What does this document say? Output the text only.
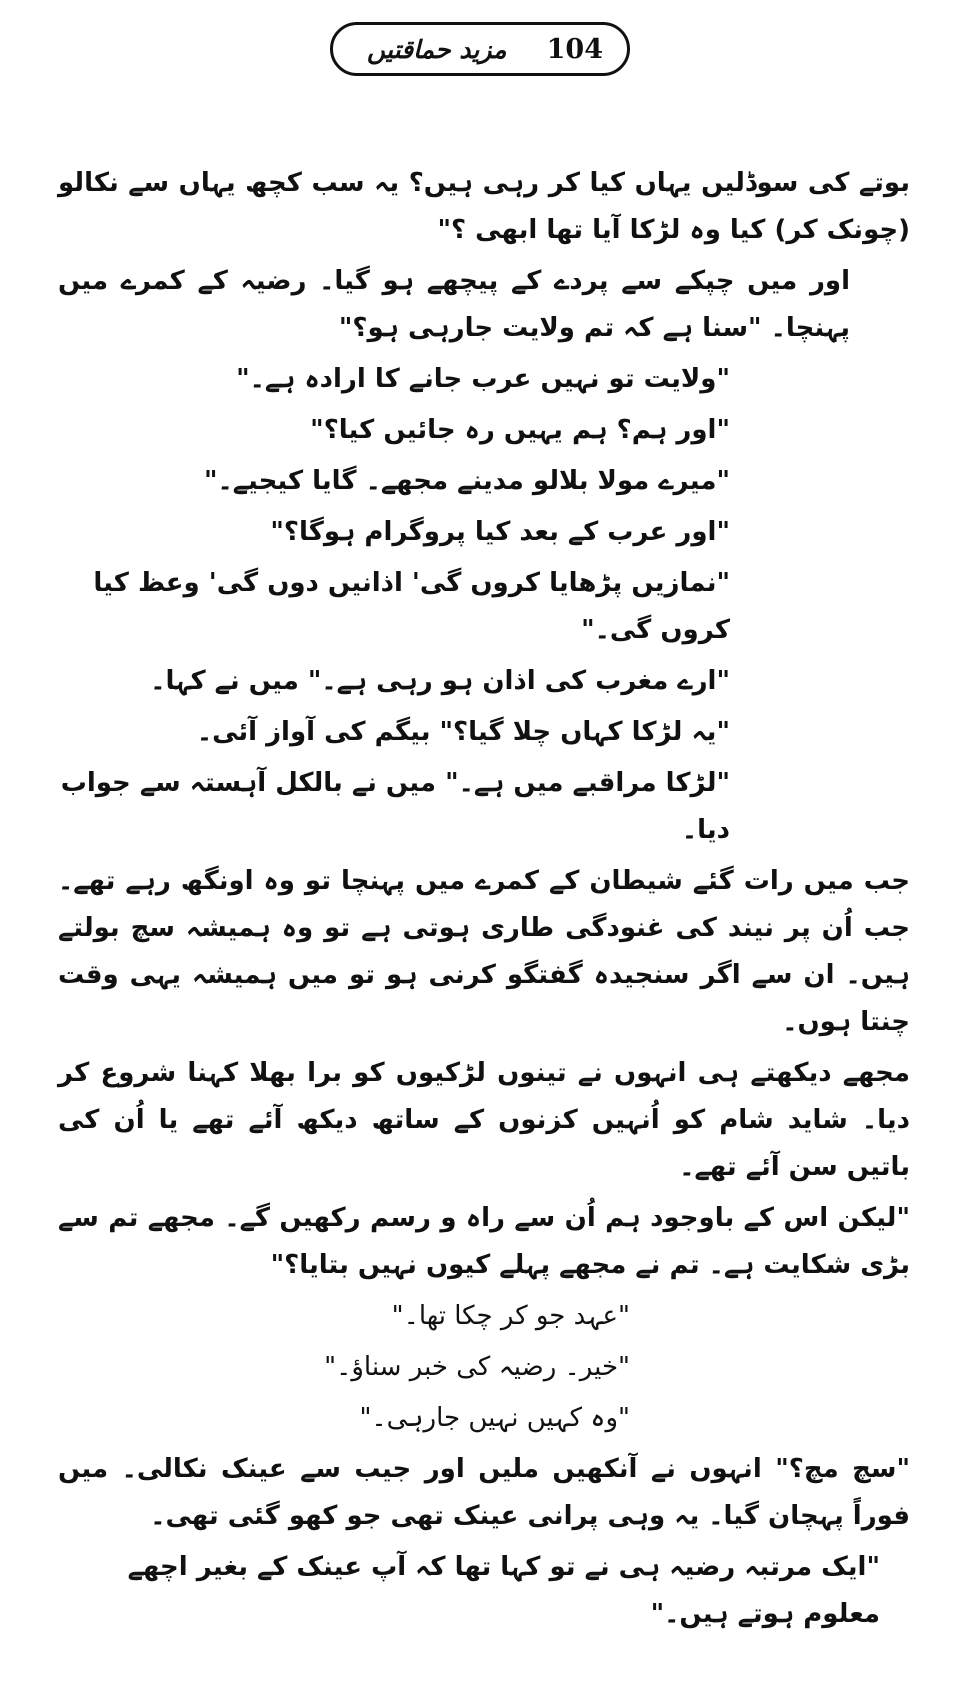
مزید حماقتیں 104

بوتے کی سوڈلیں یہاں کیا کر رہی ہیں؟ یہ سب کچھ یہاں سے نکالو (چونک کر) کیا وہ لڑکا آیا تھا ابھی ؟"

اور میں چپکے سے پردے کے پیچھے ہو گیا۔ رضیہ کے کمرے میں پہنچا۔ "سنا ہے کہ تم ولایت جارہی ہو؟"

"ولایت تو نہیں عرب جانے کا ارادہ ہے۔"

"اور ہم؟ ہم یہیں رہ جائیں کیا؟"

"میرے مولا بلالو مدینے مجھے۔ گایا کیجیے۔"

"اور عرب کے بعد کیا پروگرام ہوگا؟"

"نمازیں پڑھایا کروں گی' اذانیں دوں گی' وعظ کیا کروں گی۔"

"ارے مغرب کی اذان ہو رہی ہے۔" میں نے کہا۔

"یہ لڑکا کہاں چلا گیا؟" بیگم کی آواز آئی۔

"لڑکا مراقبے میں ہے۔" میں نے بالکل آہستہ سے جواب دیا۔

جب میں رات گئے شیطان کے کمرے میں پہنچا تو وہ اونگھ رہے تھے۔ جب اُن پر نیند کی غنودگی طاری ہوتی ہے تو وہ ہمیشہ سچ بولتے ہیں۔ ان سے اگر سنجیدہ گفتگو کرنی ہو تو میں ہمیشہ یہی وقت چنتا ہوں۔

مجھے دیکھتے ہی انہوں نے تینوں لڑکیوں کو برا بھلا کہنا شروع کر دیا۔ شاید شام کو اُنہیں کزنوں کے ساتھ دیکھ آئے تھے یا اُن کی باتیں سن آئے تھے۔

"لیکن اس کے باوجود ہم اُن سے راہ و رسم رکھیں گے۔ مجھے تم سے بڑی شکایت ہے۔ تم نے مجھے پہلے کیوں نہیں بتایا؟"

"عہد جو کر چکا تھا۔"

"خیر۔ رضیہ کی خبر سناؤ۔"

"وہ کہیں نہیں جارہی۔"

"سچ مچ؟" انہوں نے آنکھیں ملیں اور جیب سے عینک نکالی۔ میں فوراً پہچان گیا۔ یہ وہی پرانی عینک تھی جو کھو گئی تھی۔

"ایک مرتبہ رضیہ ہی نے تو کہا تھا کہ آپ عینک کے بغیر اچھے معلوم ہوتے ہیں۔"
